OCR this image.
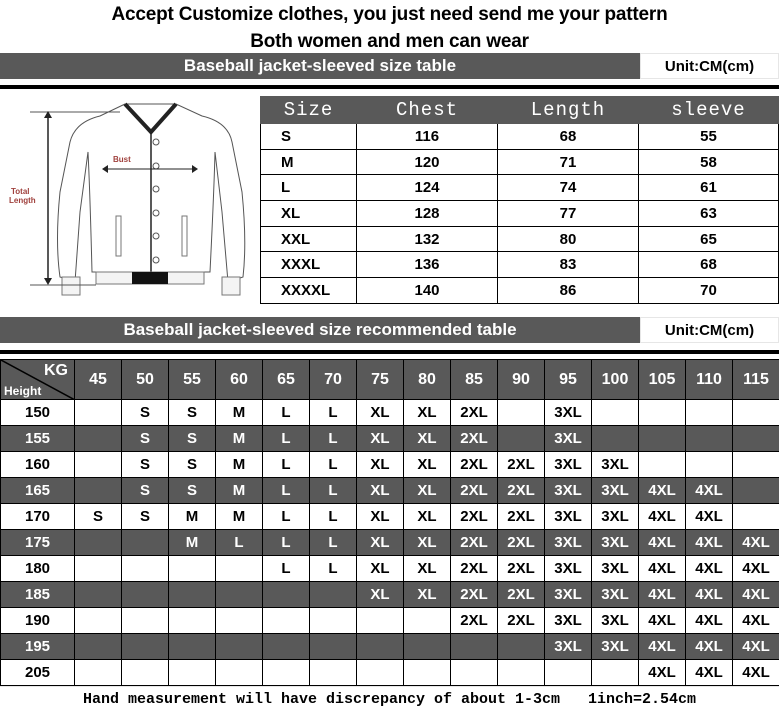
Accept Customize clothes, you just need send me your pattern
Both women and men can wear
Baseball jacket-sleeved size table	Unit:CM(cm)
Bust
Total
Length
Size	Chest	Length	sleeve
S	116	68	55
M	120	71	58
L	124	74	61
XL	128	77	63
XXL	132	80	65
XXXL	136	83	68
XXXXL	140	86	70
Baseball jacket-sleeved size recommended table	Unit:CM(cm)
KG
Height	45	50	55	60	65	70	75	80	85	90	95	100	105	110	115
150		S	S	M	L	L	XL	XL	2XL		3XL				
155		S	S	M	L	L	XL	XL	2XL		3XL				
160		S	S	M	L	L	XL	XL	2XL	2XL	3XL	3XL			
165		S	S	M	L	L	XL	XL	2XL	2XL	3XL	3XL	4XL	4XL	
170	S	S	M	M	L	L	XL	XL	2XL	2XL	3XL	3XL	4XL	4XL	
175			M	L	L	L	XL	XL	2XL	2XL	3XL	3XL	4XL	4XL	4XL
180					L	L	XL	XL	2XL	2XL	3XL	3XL	4XL	4XL	4XL
185							XL	XL	2XL	2XL	3XL	3XL	4XL	4XL	4XL
190									2XL	2XL	3XL	3XL	4XL	4XL	4XL
195											3XL	3XL	4XL	4XL	4XL
205													4XL	4XL	4XL
Hand measurement will have discrepancy of about 1-3cm 1inch=2.54cm
